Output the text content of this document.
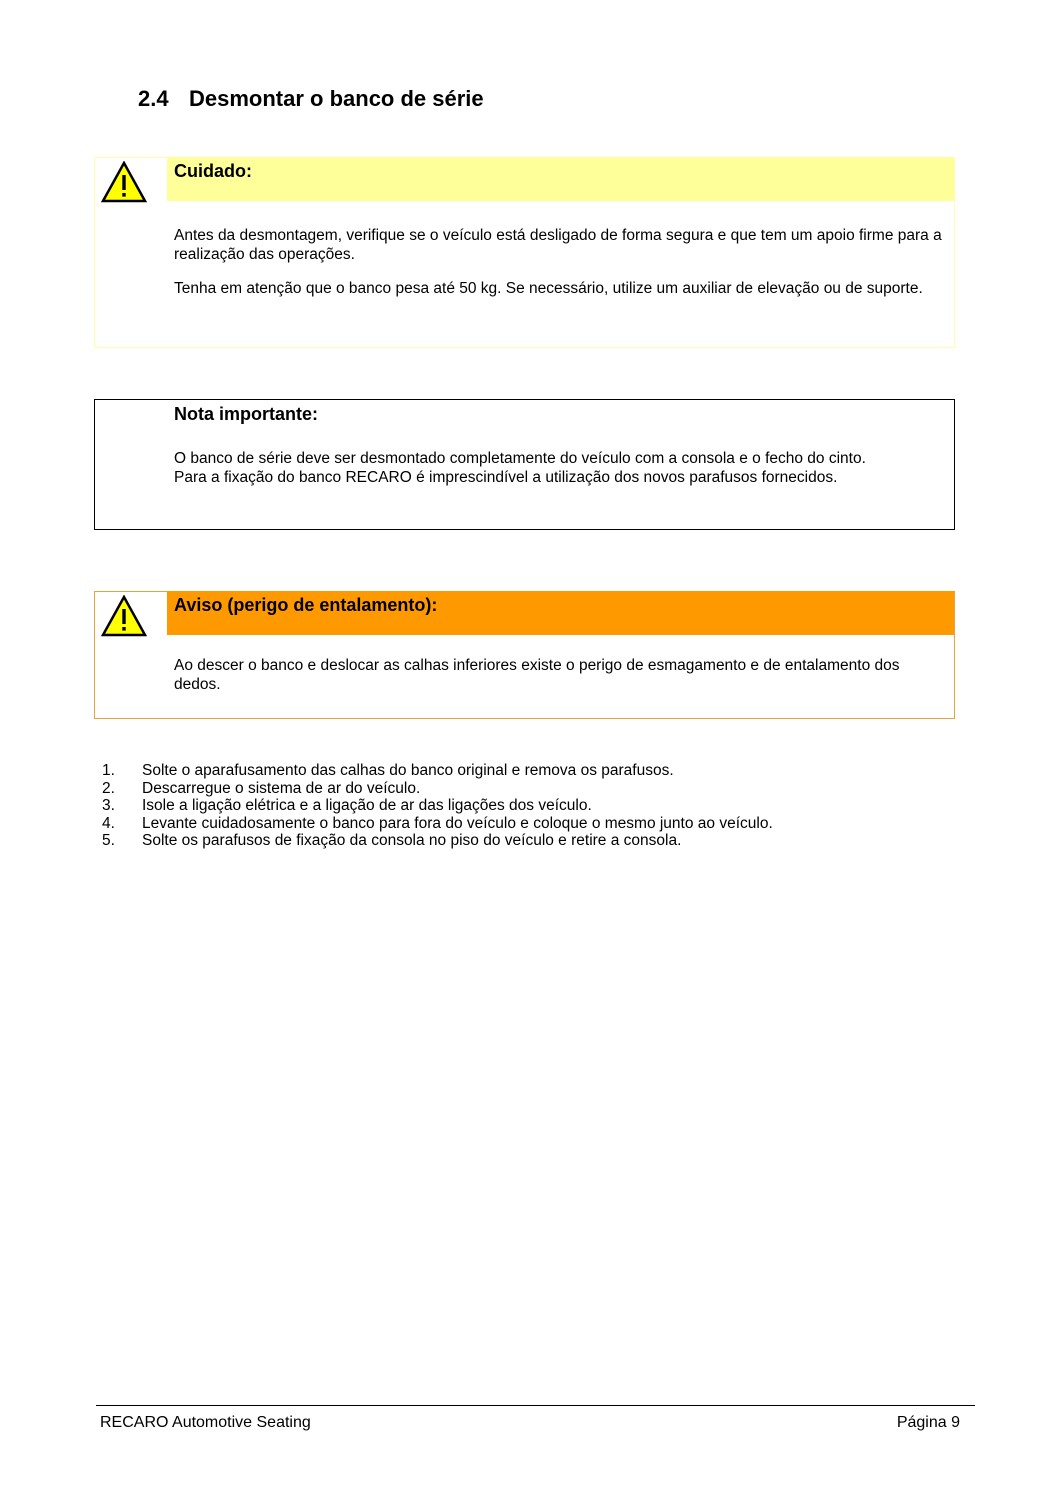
2.4 Desmontar o banco de série
Cuidado:

Antes da desmontagem, verifique se o veículo está desligado de forma segura e que tem um apoio firme para a realização das operações.

Tenha em atenção que o banco pesa até 50 kg. Se necessário, utilize um auxiliar de elevação ou de suporte.

Nota importante:
O banco de série deve ser desmontado completamente do veículo com a consola e o fecho do cinto.
Para a fixação do banco RECARO é imprescindível a utilização dos novos parafusos fornecidos.
Aviso (perigo de entalamento):

Ao descer o banco e deslocar as calhas inferiores existe o perigo de esmagamento e de entalamento dos dedos.

1.	Solte o aparafusamento das calhas do banco original e remova os parafusos.
2.	Descarregue o sistema de ar do veículo.
3.	Isole a ligação elétrica e a ligação de ar das ligações dos veículo.
4.	Levante cuidadosamente o banco para fora do veículo e coloque o mesmo junto ao veículo.
5.	Solte os parafusos de fixação da consola no piso do veículo e retire a consola.
RECARO Automotive Seating	Página 9
